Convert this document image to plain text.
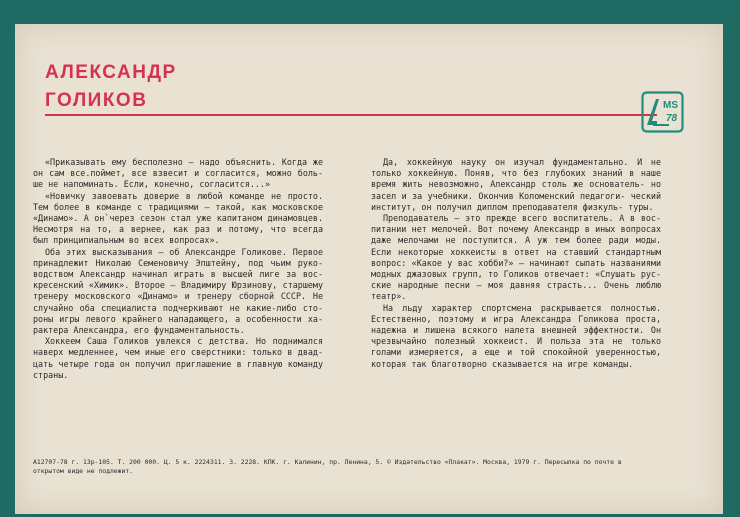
АЛЕКСАНДР
ГОЛИКОВ	MS
78

«Приказывать ему бесполезно — надо объяснить. Когда же он сам все.поймет, все взвесит и согласится, можно боль- ше не напоминать. Если, конечно, согласится...»

«Новичку завоевать доверие в любой команде не просто. Тем более в команде с традициями — такой, как московское «Динамо». А он`через сезон стал уже капитаном динамовцев. Несмотря на то, а вернее, как раз и потому, что всегда был принципиальным во всех вопросах».

Оба этих высказывания — об Александре Голикове. Первое принадлежит Николаю Семеновичу Эпштейну, под чьим руко- водством Александр начинал играть в высшей лиге за вос- кресенский «Химик». Второе — Владимиру Юрзинову, старшему тренеру московского «Динамо» и тренеру сборной СССР. Не случайно оба специалиста подчеркивают не какие-либо сто- роны игры левого крайнего нападающего, а особенности ха- рактера Александра, его фундаментальность.

Хоккеем Саша Голиков увлекся с детства. Но поднимался наверх медленнее, чем иные его сверстники: только в двад- цать четыре года он получил приглашение в главную команду страны.

Да, хоккейную науку он изучал фундаментально. И не только хоккейную. Поняв, что без глубоких знаний в наше время жить невозможно, Александр столь же основатель- но засел и за учебники. Окончив Коломенский педагоги- ческий институт, он получил диплом преподавателя физкуль- туры.

Преподаватель — это прежде всего воспитатель. А в вос- питании нет мелочей. Вот почему Александр в иных вопросах даже мелочами не поступится. А уж тем более ради моды. Если некоторые хоккеисты в ответ на ставший стандартным вопрос: «Какое у вас хобби?» — начинают сыпать названиями модных джазовых групп, то Голиков отвечает: «Слушать рус- ские народные песни — моя давняя страсть... Очень люблю театр».

На льду характер спортсмена раскрывается полностью. Естественно, поэтому и игра Александра Голикова проста, надежна и лишена всякого налета внешней эффектности. Он чрезвычайно полезный хоккеист. И польза эта не только голами измеряется, а еще и той спокойной уверенностью, которая так благотворно сказывается на игре команды.

А12707-78 г. 13р-105. Т. 200 000. Ц. 5 к. 2224311. З. 2228. КПК. г. Калинин, пр. Ленина, 5. © Издательство «Плакат». Москва, 1979 г. Пересылка по почте в

открытом виде не подлежит.
